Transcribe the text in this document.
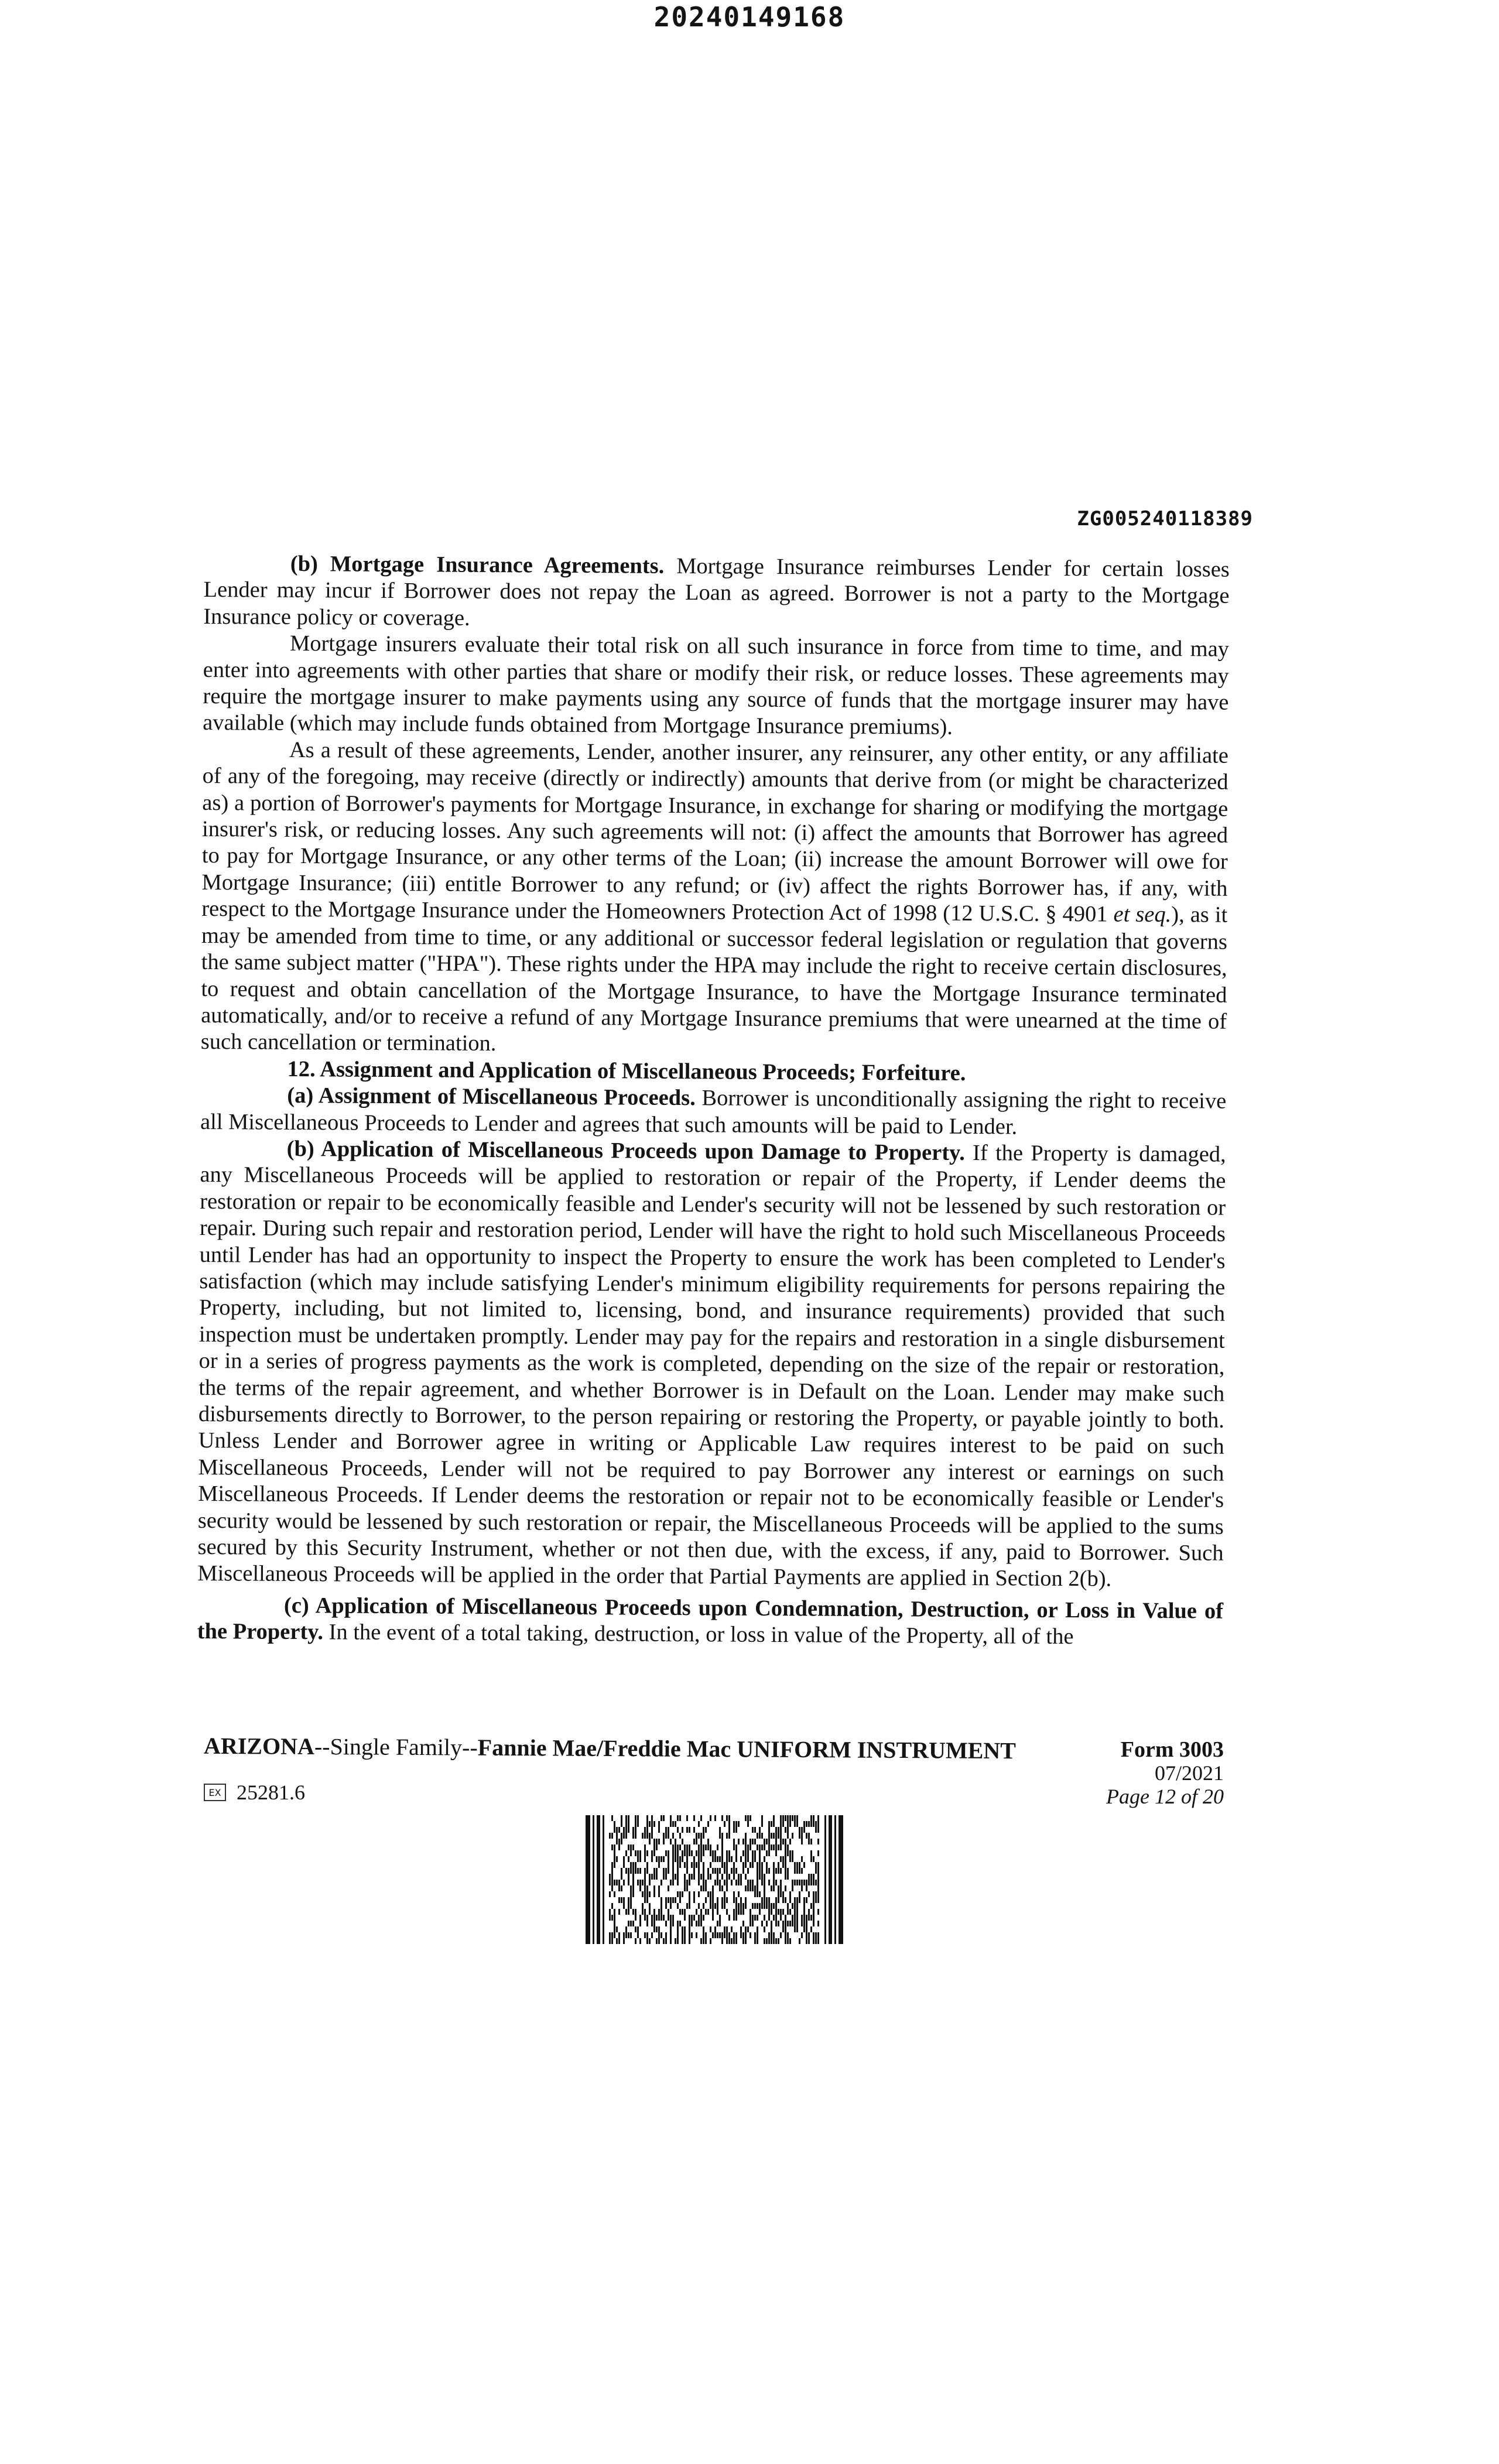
20240149168
ZG005240118389

(b) Mortgage Insurance Agreements. Mortgage Insurance reimburses Lender for certain losses Lender may incur if Borrower does not repay the Loan as agreed. Borrower is not a party to the Mortgage Insurance policy or coverage.

Mortgage insurers evaluate their total risk on all such insurance in force from time to time, and may enter into agreements with other parties that share or modify their risk, or reduce losses. These agreements may require the mortgage insurer to make payments using any source of funds that the mortgage insurer may have available (which may include funds obtained from Mortgage Insurance premiums).

As a result of these agreements, Lender, another insurer, any reinsurer, any other entity, or any affiliate of any of the foregoing, may receive (directly or indirectly) amounts that derive from (or might be characterized as) a portion of Borrower's payments for Mortgage Insurance, in exchange for sharing or modifying the mortgage insurer's risk, or reducing losses. Any such agreements will not: (i) affect the amounts that Borrower has agreed to pay for Mortgage Insurance, or any other terms of the Loan; (ii) increase the amount Borrower will owe for Mortgage Insurance; (iii) entitle Borrower to any refund; or (iv) affect the rights Borrower has, if any, with respect to the Mortgage Insurance under the Homeowners Protection Act of 1998 (12 U.S.C. § 4901 et seq.), as it may be amended from time to time, or any additional or successor federal legislation or regulation that governs the same subject matter ("HPA"). These rights under the HPA may include the right to receive certain disclosures, to request and obtain cancellation of the Mortgage Insurance, to have the Mortgage Insurance terminated automatically, and/or to receive a refund of any Mortgage Insurance premiums that were unearned at the time of such cancellation or termination.

12. Assignment and Application of Miscellaneous Proceeds; Forfeiture.

(a) Assignment of Miscellaneous Proceeds. Borrower is unconditionally assigning the right to receive all Miscellaneous Proceeds to Lender and agrees that such amounts will be paid to Lender.

(b) Application of Miscellaneous Proceeds upon Damage to Property. If the Property is damaged, any Miscellaneous Proceeds will be applied to restoration or repair of the Property, if Lender deems the restoration or repair to be economically feasible and Lender's security will not be lessened by such restoration or repair. During such repair and restoration period, Lender will have the right to hold such Miscellaneous Proceeds until Lender has had an opportunity to inspect the Property to ensure the work has been completed to Lender's satisfaction (which may include satisfying Lender's minimum eligibility requirements for persons repairing the Property, including, but not limited to, licensing, bond, and insurance requirements) provided that such inspection must be undertaken promptly. Lender may pay for the repairs and restoration in a single disbursement or in a series of progress payments as the work is completed, depending on the size of the repair or restoration, the terms of the repair agreement, and whether Borrower is in Default on the Loan. Lender may make such disbursements directly to Borrower, to the person repairing or restoring the Property, or payable jointly to both. Unless Lender and Borrower agree in writing or Applicable Law requires interest to be paid on such Miscellaneous Proceeds, Lender will not be required to pay Borrower any interest or earnings on such Miscellaneous Proceeds. If Lender deems the restoration or repair not to be economically feasible or Lender's security would be lessened by such restoration or repair, the Miscellaneous Proceeds will be applied to the sums secured by this Security Instrument, whether or not then due, with the excess, if any, paid to Borrower. Such Miscellaneous Proceeds will be applied in the order that Partial Payments are applied in Section 2(b).

(c) Application of Miscellaneous Proceeds upon Condemnation, Destruction, or Loss in Value of the Property. In the event of a total taking, destruction, or loss in value of the Property, all of the

ARIZONA--Single Family--Fannie Mae/Freddie Mac UNIFORM INSTRUMENT	Form 3003
07/2021
Page 12 of 20
EX 25281.6
